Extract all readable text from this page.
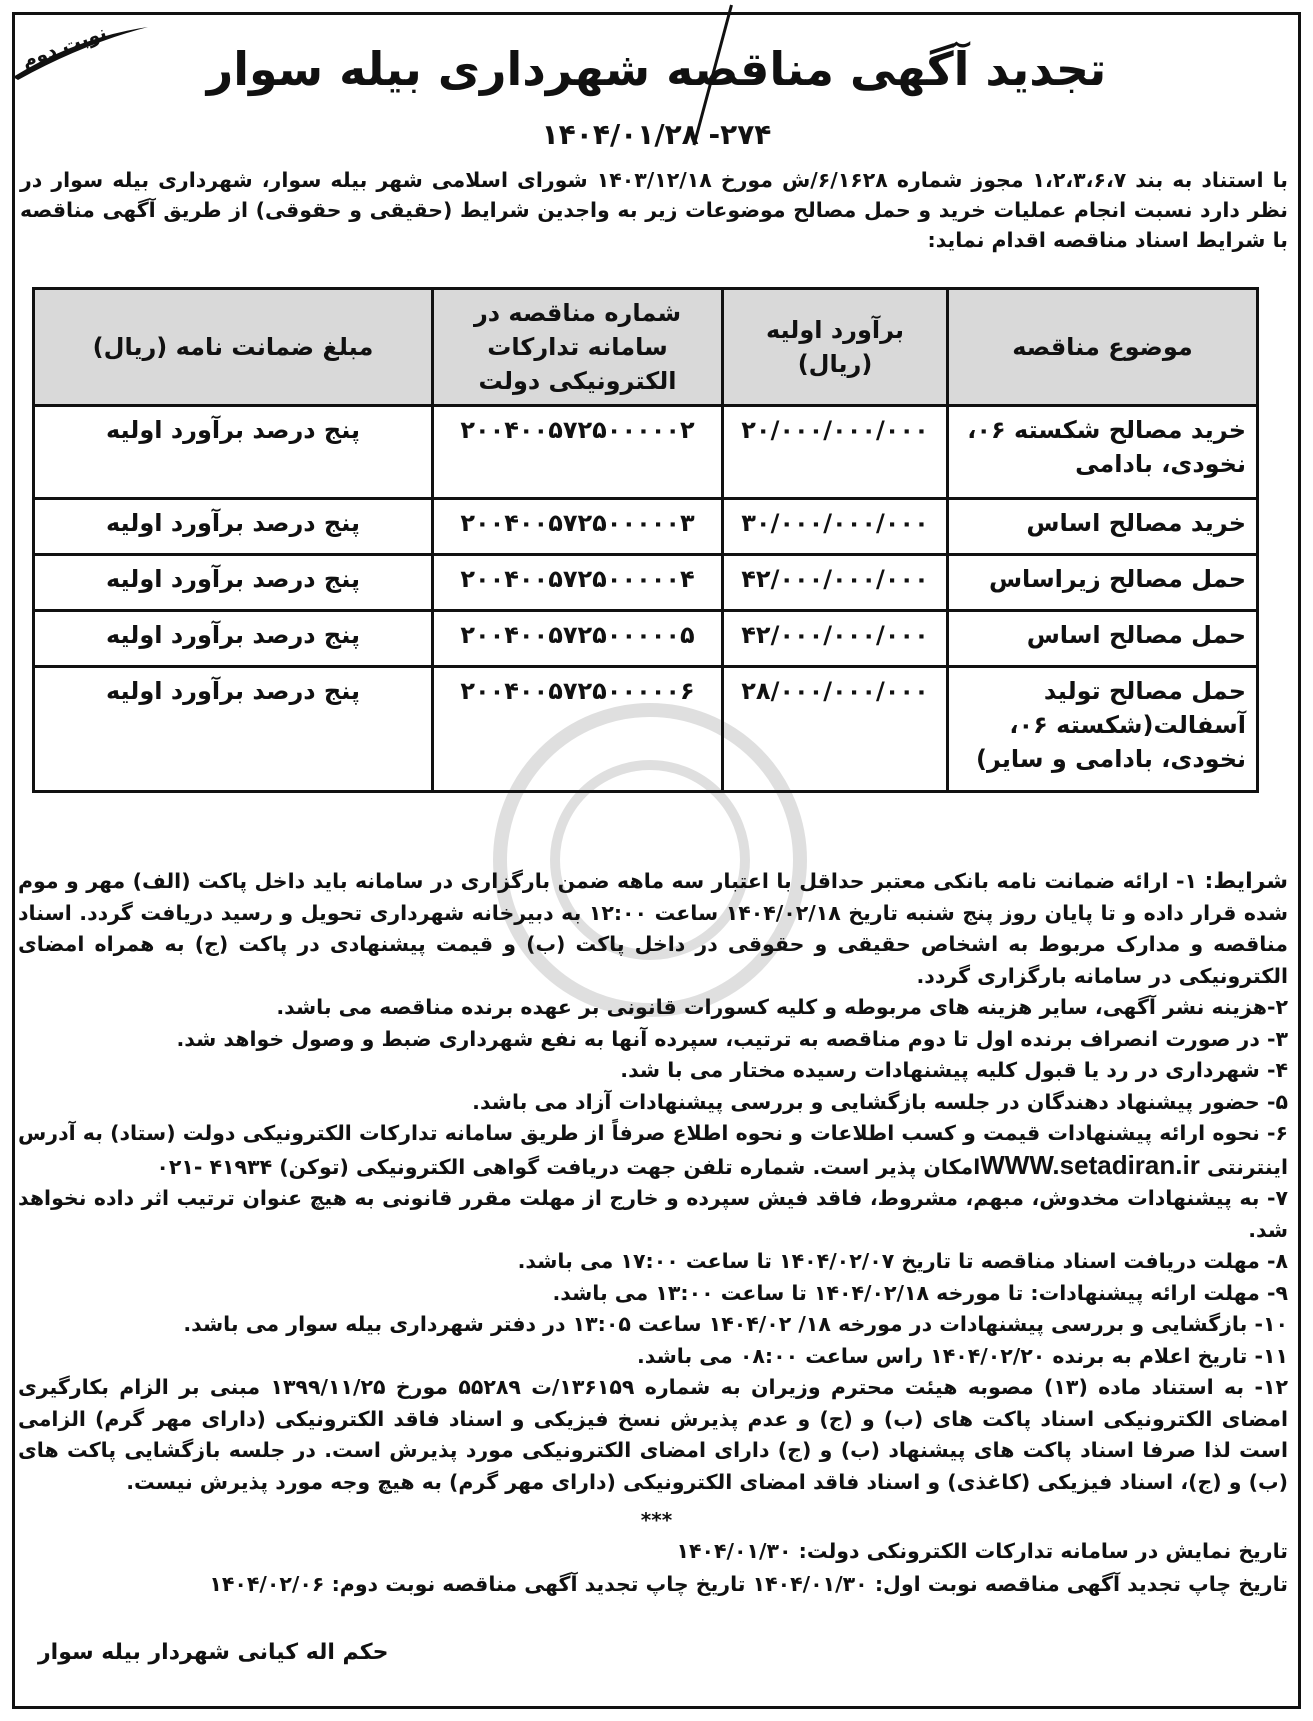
نوبت دوم	تجدید آگهی مناقصه شهرداری بیله سوار
۲۷۴- ۱۴۰۴/۰۱/۲۸
با استناد به بند ۱،۲،۳،۶،۷ مجوز شماره ۶/۱۶۲۸/ش مورخ ۱۴۰۳/۱۲/۱۸ شورای اسلامی شهر بیله سوار، شهرداری بیله سوار در نظر دارد نسبت انجام عملیات خرید و حمل مصالح موضوعات زیر به واجدین شرایط (حقیقی و حقوقی) از طریق آگهی مناقصه با شرایط اسناد مناقصه اقدام نماید:
موضوع مناقصه	برآورد اولیه (ریال)	شماره مناقصه در سامانه تدارکات الکترونیکی دولت	مبلغ ضمانت نامه (ریال)
خرید مصالح شکسته ۰۶، نخودی، بادامی	۲۰/۰۰۰/۰۰۰/۰۰۰	۲۰۰۴۰۰۵۷۲۵۰۰۰۰۰۲	پنج درصد برآورد اولیه
خرید مصالح اساس	۳۰/۰۰۰/۰۰۰/۰۰۰	۲۰۰۴۰۰۵۷۲۵۰۰۰۰۰۳	پنج درصد برآورد اولیه
حمل مصالح زیراساس	۴۲/۰۰۰/۰۰۰/۰۰۰	۲۰۰۴۰۰۵۷۲۵۰۰۰۰۰۴	پنج درصد برآورد اولیه
حمل مصالح اساس	۴۲/۰۰۰/۰۰۰/۰۰۰	۲۰۰۴۰۰۵۷۲۵۰۰۰۰۰۵	پنج درصد برآورد اولیه
حمل مصالح تولید آسفالت(شکسته ۰۶، نخودی، بادامی و سایر)	۲۸/۰۰۰/۰۰۰/۰۰۰	۲۰۰۴۰۰۵۷۲۵۰۰۰۰۰۶	پنج درصد برآورد اولیه

شرایط: ۱- ارائه ضمانت نامه بانکی معتبر حداقل با اعتبار سه ماهه ضمن بارگزاری در سامانه باید داخل پاکت (الف) مهر و موم شده قرار داده و تا پایان روز پنج شنبه تاریخ ۱۴۰۴/۰۲/۱۸ ساعت ۱۲:۰۰ به دبیرخانه شهرداری تحویل و رسید دریافت گردد. اسناد مناقصه و مدارک مربوط به اشخاص حقیقی و حقوقی در داخل پاکت (ب) و قیمت پیشنهادی در پاکت (ج) به همراه امضای الکترونیکی در سامانه بارگزاری گردد.

۲-هزینه نشر آگهی، سایر هزینه های مربوطه و کلیه کسورات قانونی بر عهده برنده مناقصه می باشد.

۳- در صورت انصراف برنده اول تا دوم مناقصه به ترتیب، سپرده آنها به نفع شهرداری ضبط و وصول خواهد شد.

۴- شهرداری در رد یا قبول کلیه پیشنهادات رسیده مختار می با شد.

۵- حضور پیشنهاد دهندگان در جلسه بازگشایی و بررسی پیشنهادات آزاد می باشد.

۶- نحوه ارائه پیشنهادات قیمت و کسب اطلاعات و نحوه اطلاع صرفاً از طریق سامانه تدارکات الکترونیکی دولت (ستاد) به آدرس اینترنتی WWW.setadiran.irامکان پذیر است. شماره تلفن جهت دریافت گواهی الکترونیکی (توکن) ۴۱۹۳۴ -۰۲۱

۷- به پیشنهادات مخدوش، مبهم، مشروط، فاقد فیش سپرده و خارج از مهلت مقرر قانونی به هیچ عنوان ترتیب اثر داده نخواهد شد.

۸- مهلت دریافت اسناد مناقصه تا تاریخ ۱۴۰۴/۰۲/۰۷ تا ساعت ۱۷:۰۰ می باشد.

۹- مهلت ارائه پیشنهادات: تا مورخه ۱۴۰۴/۰۲/۱۸ تا ساعت ۱۳:۰۰ می باشد.

۱۰- بازگشایی و بررسی پیشنهادات در مورخه ۱۸/ ۱۴۰۴/۰۲ ساعت ۱۳:۰۵ در دفتر شهرداری بیله سوار می باشد.

۱۱- تاریخ اعلام به برنده ۱۴۰۴/۰۲/۲۰ راس ساعت ۰۸:۰۰ می باشد.

۱۲- به استناد ماده (۱۳) مصوبه هیئت محترم وزیران به شماره ۱۳۶۱۵۹/ت ۵۵۲۸۹ مورخ ۱۳۹۹/۱۱/۲۵ مبنی بر الزام بکارگیری امضای الکترونیکی اسناد پاکت های (ب) و (ج) و عدم پذیرش نسخ فیزیکی و اسناد فاقد الکترونیکی (دارای مهر گرم) الزامی است لذا صرفا اسناد پاکت های پیشنهاد (ب) و (ج) دارای امضای الکترونیکی مورد پذیرش است. در جلسه بازگشایی پاکت های (ب) و (ج)، اسناد فیزیکی (کاغذی) و اسناد فاقد امضای الکترونیکی (دارای مهر گرم) به هیچ وجه مورد پذیرش نیست.

***
تاریخ نمایش در سامانه تدارکات الکترونکی دولت: ۱۴۰۴/۰۱/۳۰
تاریخ چاپ تجدید آگهی مناقصه نوبت اول: ۱۴۰۴/۰۱/۳۰ تاریخ چاپ تجدید آگهی مناقصه نوبت دوم: ۱۴۰۴/۰۲/۰۶
حکم اله کیانی شهردار بیله سوار
